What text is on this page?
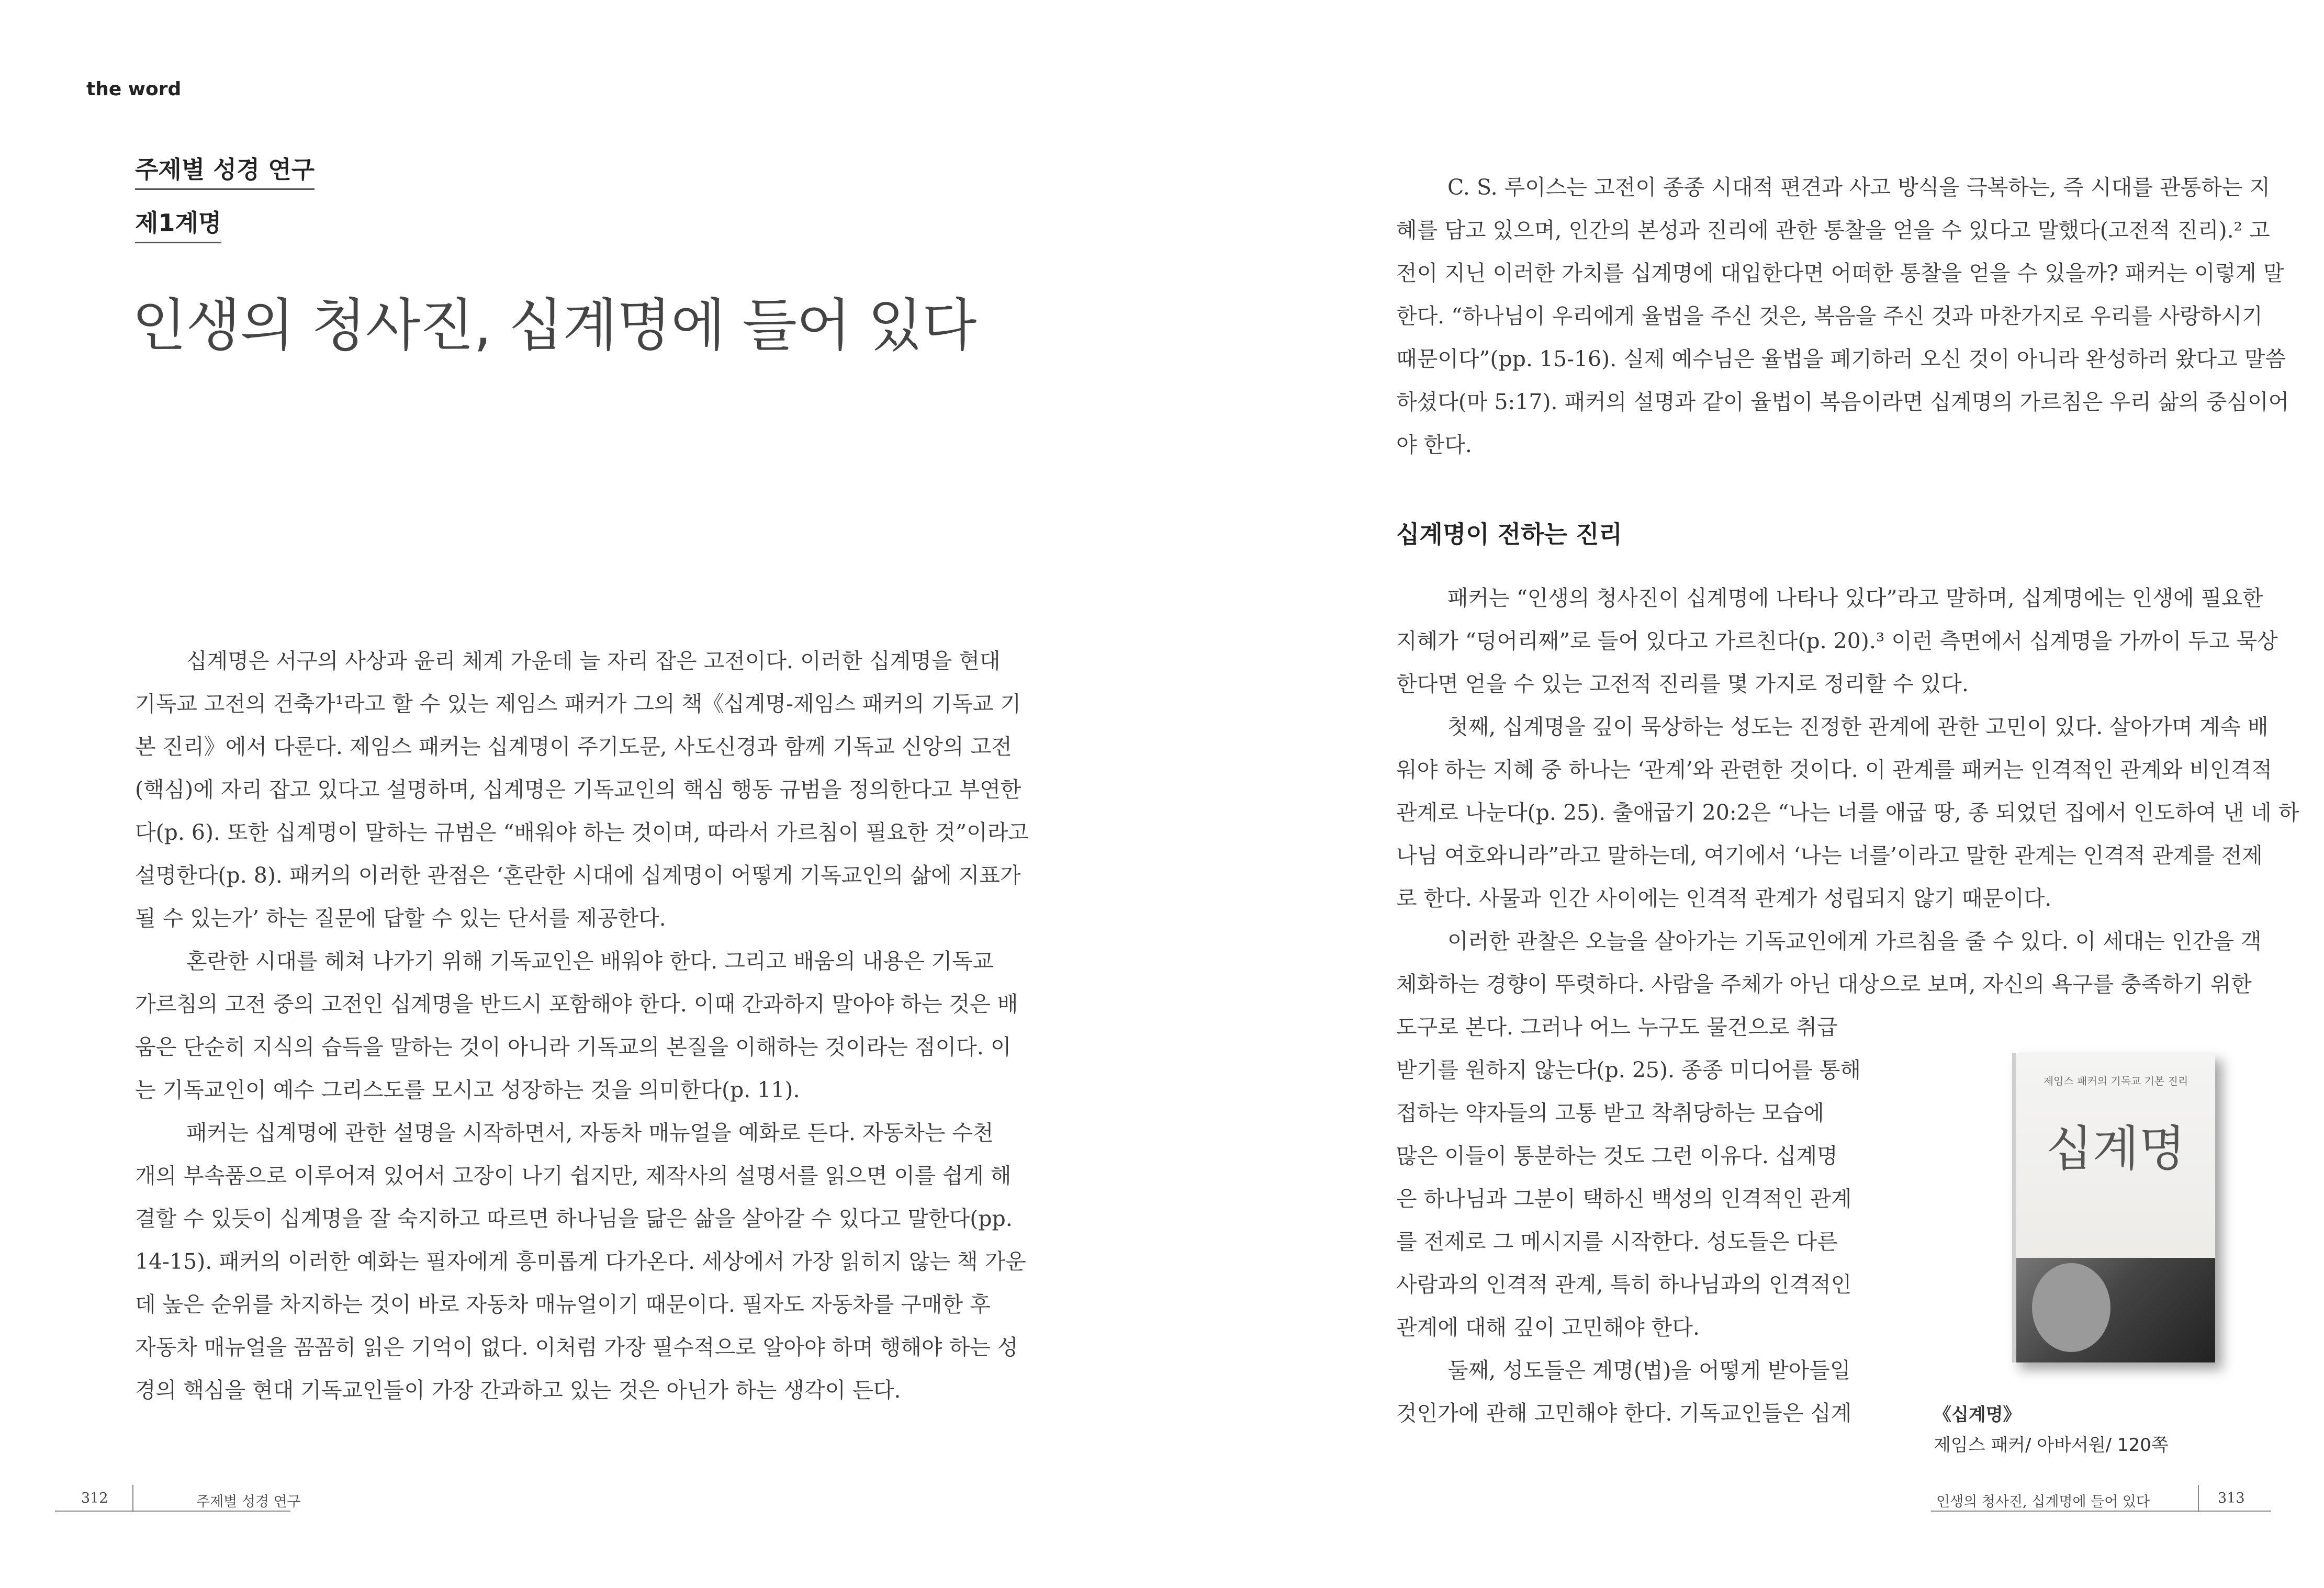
the word
주제별 성경 연구
제1계명
인생의 청사진, 십계명에 들어 있다
십계명은 서구의 사상과 윤리 체계 가운데 늘 자리 잡은 고전이다. 이러한 십계명을 현대
기독교 고전의 건축가¹라고 할 수 있는 제임스 패커가 그의 책《십계명-제임스 패커의 기독교 기
본 진리》에서 다룬다. 제임스 패커는 십계명이 주기도문, 사도신경과 함께 기독교 신앙의 고전
(핵심)에 자리 잡고 있다고 설명하며, 십계명은 기독교인의 핵심 행동 규범을 정의한다고 부연한
다(p. 6). 또한 십계명이 말하는 규범은 “배워야 하는 것이며, 따라서 가르침이 필요한 것”이라고
설명한다(p. 8). 패커의 이러한 관점은 ‘혼란한 시대에 십계명이 어떻게 기독교인의 삶에 지표가
될 수 있는가’ 하는 질문에 답할 수 있는 단서를 제공한다.
혼란한 시대를 헤쳐 나가기 위해 기독교인은 배워야 한다. 그리고 배움의 내용은 기독교
가르침의 고전 중의 고전인 십계명을 반드시 포함해야 한다. 이때 간과하지 말아야 하는 것은 배
움은 단순히 지식의 습득을 말하는 것이 아니라 기독교의 본질을 이해하는 것이라는 점이다. 이
는 기독교인이 예수 그리스도를 모시고 성장하는 것을 의미한다(p. 11).
패커는 십계명에 관한 설명을 시작하면서, 자동차 매뉴얼을 예화로 든다. 자동차는 수천
개의 부속품으로 이루어져 있어서 고장이 나기 쉽지만, 제작사의 설명서를 읽으면 이를 쉽게 해
결할 수 있듯이 십계명을 잘 숙지하고 따르면 하나님을 닮은 삶을 살아갈 수 있다고 말한다(pp.
14-15). 패커의 이러한 예화는 필자에게 흥미롭게 다가온다. 세상에서 가장 읽히지 않는 책 가운
데 높은 순위를 차지하는 것이 바로 자동차 매뉴얼이기 때문이다. 필자도 자동차를 구매한 후
자동차 매뉴얼을 꼼꼼히 읽은 기억이 없다. 이처럼 가장 필수적으로 알아야 하며 행해야 하는 성
경의 핵심을 현대 기독교인들이 가장 간과하고 있는 것은 아닌가 하는 생각이 든다.
C. S. 루이스는 고전이 종종 시대적 편견과 사고 방식을 극복하는, 즉 시대를 관통하는 지
혜를 담고 있으며, 인간의 본성과 진리에 관한 통찰을 얻을 수 있다고 말했다(고전적 진리).² 고
전이 지닌 이러한 가치를 십계명에 대입한다면 어떠한 통찰을 얻을 수 있을까? 패커는 이렇게 말
한다. “하나님이 우리에게 율법을 주신 것은, 복음을 주신 것과 마찬가지로 우리를 사랑하시기
때문이다”(pp. 15-16). 실제 예수님은 율법을 폐기하러 오신 것이 아니라 완성하러 왔다고 말씀
하셨다(마 5:17). 패커의 설명과 같이 율법이 복음이라면 십계명의 가르침은 우리 삶의 중심이어
야 한다.
십계명이 전하는 진리
패커는 “인생의 청사진이 십계명에 나타나 있다”라고 말하며, 십계명에는 인생에 필요한
지혜가 “덩어리째”로 들어 있다고 가르친다(p. 20).³ 이런 측면에서 십계명을 가까이 두고 묵상
한다면 얻을 수 있는 고전적 진리를 몇 가지로 정리할 수 있다.
첫째, 십계명을 깊이 묵상하는 성도는 진정한 관계에 관한 고민이 있다. 살아가며 계속 배
워야 하는 지혜 중 하나는 ‘관계’와 관련한 것이다. 이 관계를 패커는 인격적인 관계와 비인격적
관계로 나눈다(p. 25). 출애굽기 20:2은 “나는 너를 애굽 땅, 종 되었던 집에서 인도하여 낸 네 하
나님 여호와니라”라고 말하는데, 여기에서 ‘나는 너를’이라고 말한 관계는 인격적 관계를 전제
로 한다. 사물과 인간 사이에는 인격적 관계가 성립되지 않기 때문이다.
이러한 관찰은 오늘을 살아가는 기독교인에게 가르침을 줄 수 있다. 이 세대는 인간을 객
체화하는 경향이 뚜렷하다. 사람을 주체가 아닌 대상으로 보며, 자신의 욕구를 충족하기 위한
도구로 본다. 그러나 어느 누구도 물건으로 취급
받기를 원하지 않는다(p. 25). 종종 미디어를 통해
접하는 약자들의 고통 받고 착취당하는 모습에
많은 이들이 통분하는 것도 그런 이유다. 십계명
은 하나님과 그분이 택하신 백성의 인격적인 관계
를 전제로 그 메시지를 시작한다. 성도들은 다른
사람과의 인격적 관계, 특히 하나님과의 인격적인
관계에 대해 깊이 고민해야 한다.
둘째, 성도들은 계명(법)을 어떻게 받아들일
것인가에 관해 고민해야 한다. 기독교인들은 십계
제임스 패커의 기독교 기본 진리
십계명
《십계명》
제임스 패커/ 아바서원/ 120쪽
312	주제별 성경 연구	인생의 청사진, 십계명에 들어 있다	313
